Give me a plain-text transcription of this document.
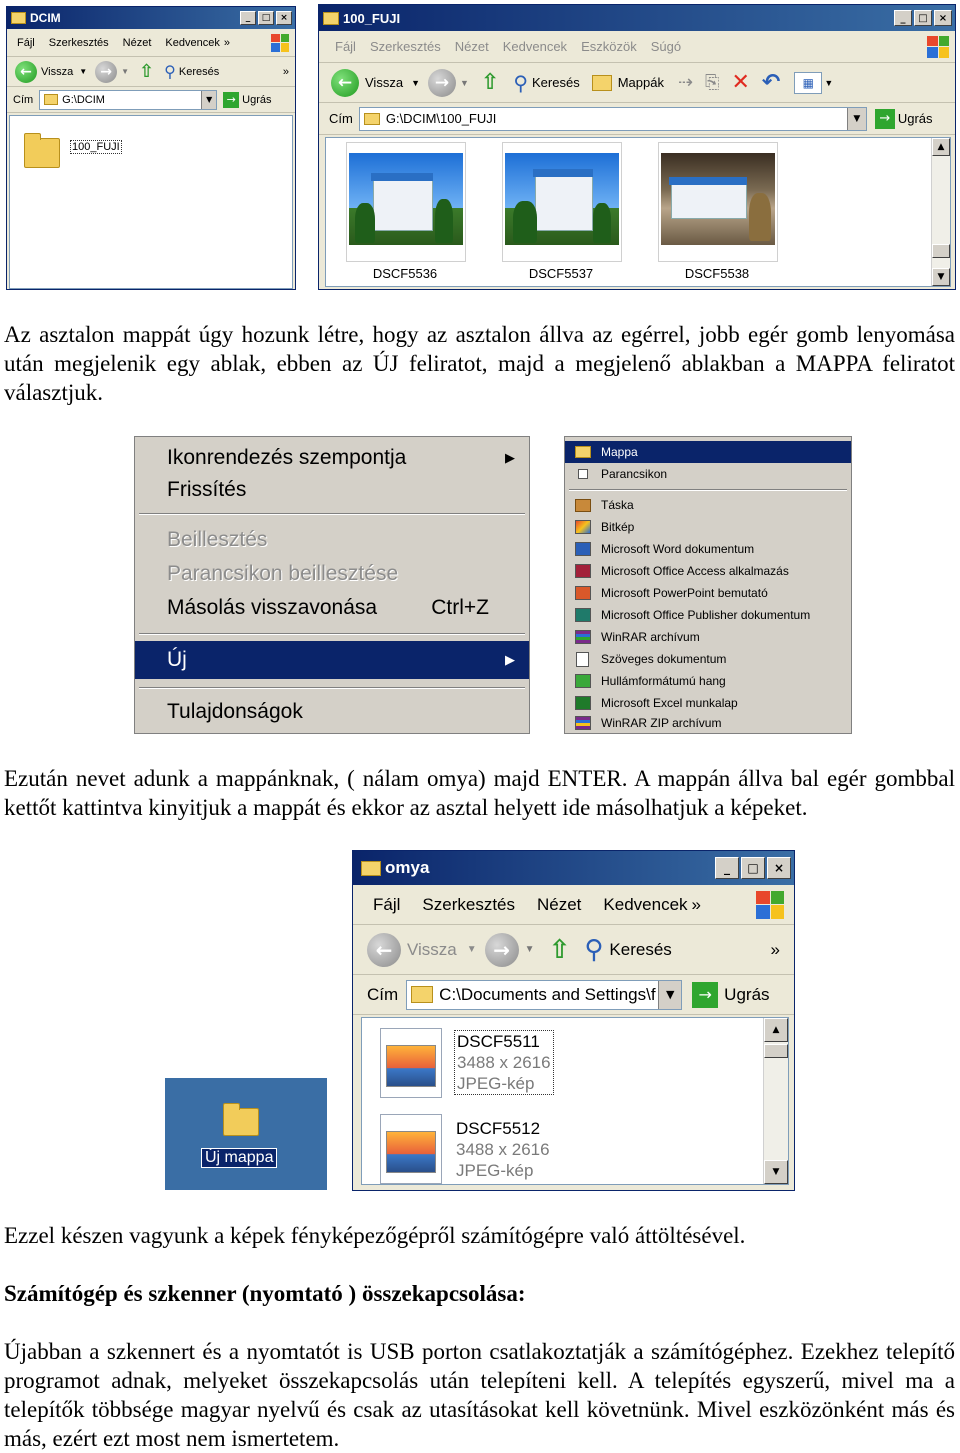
DCIM	_	□	×
Fájl Szerkesztés Nézet Kedvencek »
← Vissza ▼ →	▼ ⇧ ⚲ Keresés	»
Cím	G:\DCIM	▼	→ Ugrás
100_FUJI
100_FUJI	_	□	×
Fájl Szerkesztés Nézet Kedvencek Eszközök Súgó
← Vissza ▼ →	▼ ⇧ ⚲ Keresés	Mappák ⇢ ⎘ ✕ ↶	▦	▼
Cím	G:\DCIM\100_FUJI	▼	→ Ugrás
DSCF5536	DSCF5537	DSCF5538
▲
▼

Az asztalon mappát úgy hozunk létre, hogy az asztalon állva az egérrel, jobb egér gomb lenyomása után megjelenik egy ablak, ebben az ÚJ feliratot, majd a megjelenő ablakban a MAPPA feliratot választjuk.

Ikonrendezés szempontja	▶
Frissítés
Beillesztés
Parancsikon beillesztése
Másolás visszavonása	Ctrl+Z
Új	▶
Tulajdonságok
Mappa
Parancsikon
Táska
Bitkép
Microsoft Word dokumentum
Microsoft Office Access alkalmazás
Microsoft PowerPoint bemutató
Microsoft Office Publisher dokumentum
WinRAR archívum
Szöveges dokumentum
Hullámformátumú hang
Microsoft Excel munkalap
WinRAR ZIP archívum

Ezután nevet adunk a mappánknak, ( nálam omya) majd ENTER. A mappán állva bal egér gombbal kettőt kattintva kinyitjuk a mappát és ekkor az asztal helyett ide másolhatjuk a képeket.

Új mappa
omya	_	□	×
Fájl Szerkesztés Nézet Kedvencek »
← Vissza ▼ →	▼ ⇧ ⚲ Keresés	»
Cím C:\Documents and Settings\f ▼	→ Ugrás
DSCF5511
3488 x 2616
JPEG-kép
DSCF5512
3488 x 2616
JPEG-kép
▲
▼

Ezzel készen vagyunk a képek fényképezőgépről számítógépre való áttöltésével.

Számítógép és szkenner (nyomtató ) összekapcsolása:

Újabban a szkennert és a nyomtatót is USB porton csatlakoztatják a számítógéphez. Ezekhez telepítő programot adnak, melyeket összekapcsolás után telepíteni kell. A telepítés egyszerű, mivel ma a telepítők többsége magyar nyelvű és csak az utasításokat kell követnünk. Mivel eszközönként más és más, ezért ezt most nem ismertetem.
